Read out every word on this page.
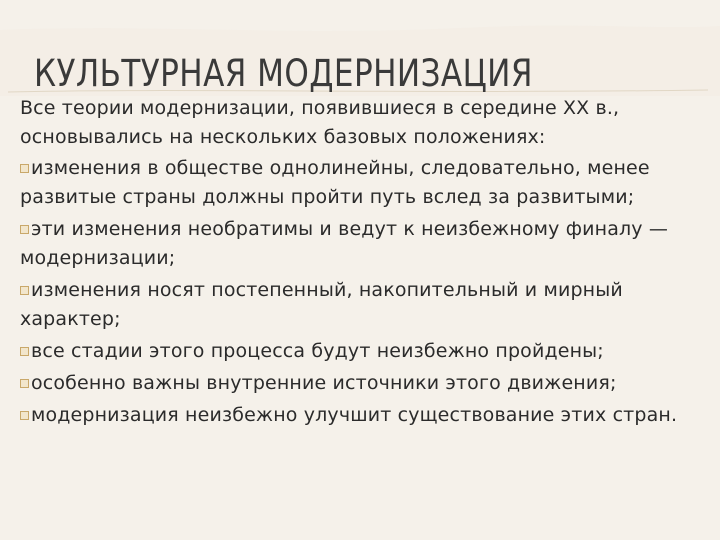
КУЛЬТУРНАЯ МОДЕРНИЗАЦИЯ

Все теории модернизации, появившиеся в середине XX в., основывались на нескольких базовых положениях:

изменения в обществе однолинейны, следовательно, менее развитые страны должны пройти путь вслед за развитыми;
эти изменения необратимы и ведут к неизбежному финалу — модернизации;
изменения носят постепенный, накопительный и мирный характер;
все стадии этого процесса будут неизбежно пройдены;
особенно важны внутренние источники этого движения;
модернизация неизбежно улучшит существование этих стран.
